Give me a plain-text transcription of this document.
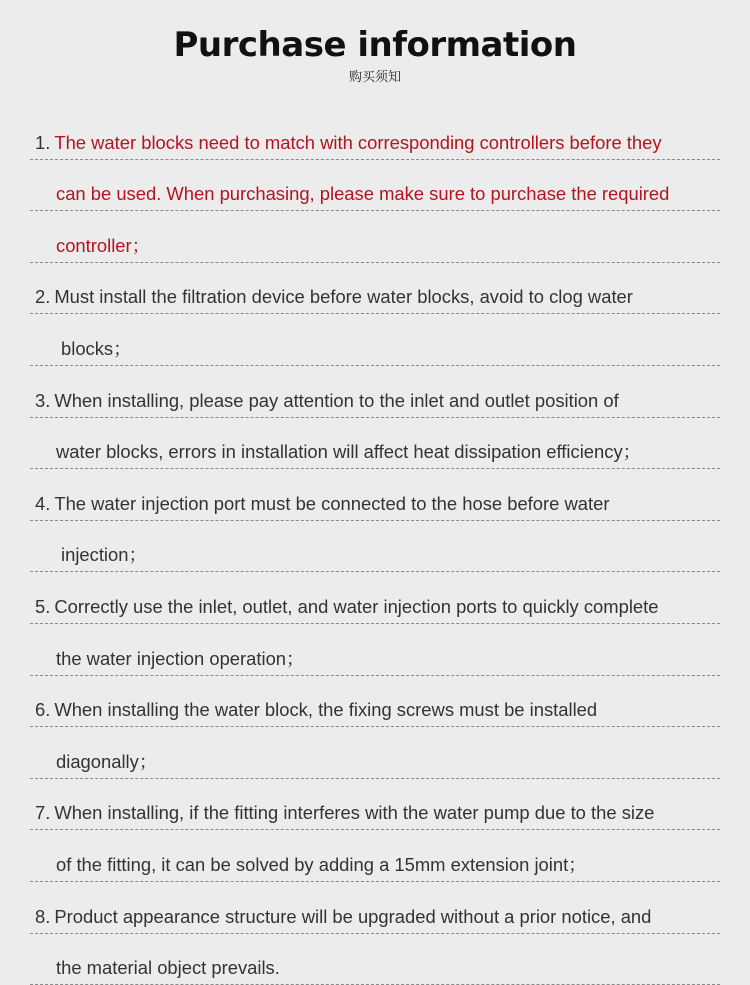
Purchase information
购买须知
1. The water blocks need to match with corresponding controllers before they
can be used. When purchasing, please make sure to purchase the required
controller；
2. Must install the filtration device before water blocks, avoid to clog water
blocks；
3. When installing, please pay attention to the inlet and outlet position of
water blocks, errors in installation will affect heat dissipation efficiency；
4. The water injection port must be connected to the hose before water
injection；
5. Correctly use the inlet, outlet, and water injection ports to quickly complete
the water injection operation；
6. When installing the water block, the fixing screws must be installed
diagonally；
7. When installing, if the fitting interferes with the water pump due to the size
of the fitting, it can be solved by adding a 15mm extension joint；
8. Product appearance structure will be upgraded without a prior notice, and
the material object prevails.
